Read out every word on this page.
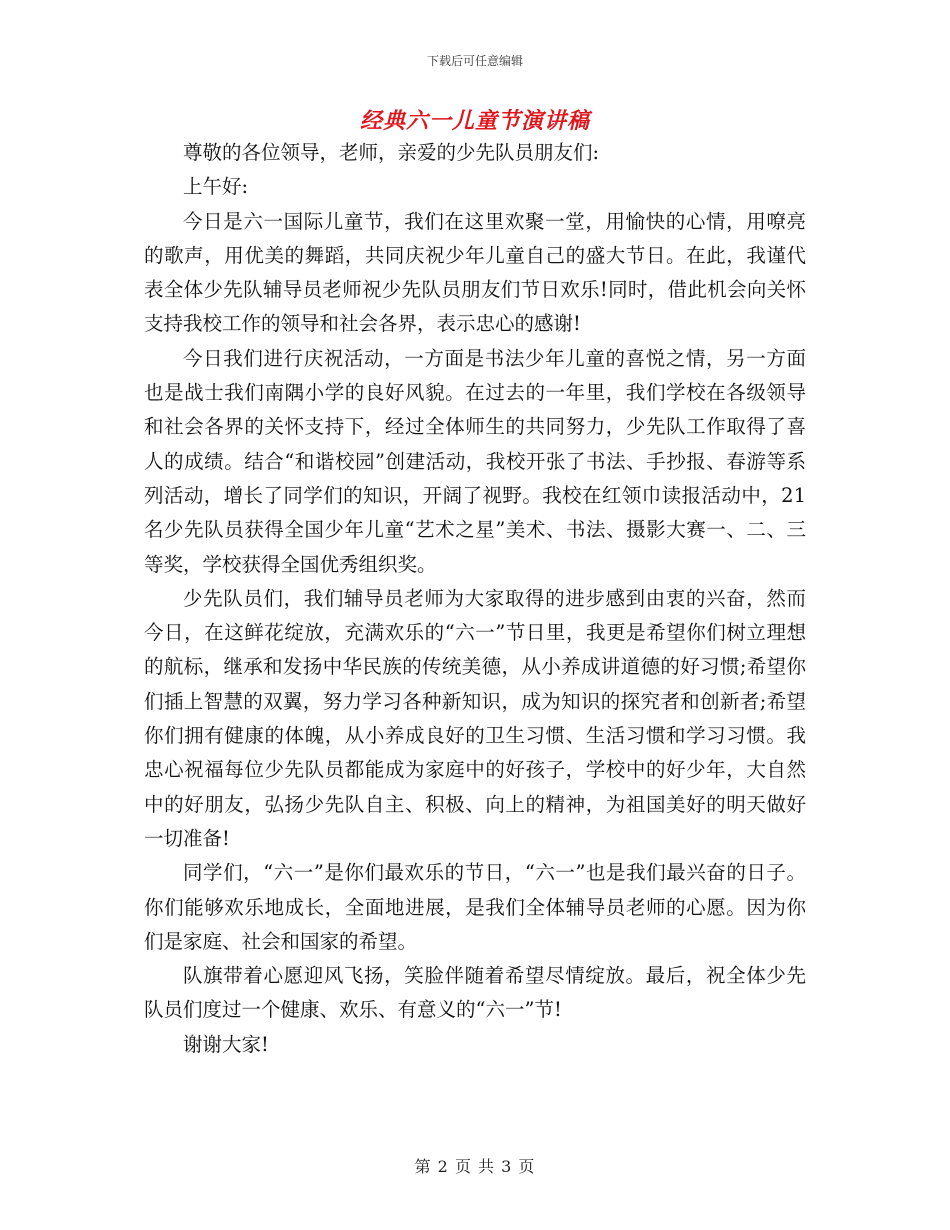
下载后可任意编辑
经典六一儿童节演讲稿

尊敬的各位领导，老师，亲爱的少先队员朋友们:

上午好:

今日是六一国际儿童节，我们在这里欢聚一堂，用愉快的心情，用嘹亮的歌声，用优美的舞蹈，共同庆祝少年儿童自己的盛大节日。在此，我谨代表全体少先队辅导员老师祝少先队员朋友们节日欢乐!同时，借此机会向关怀支持我校工作的领导和社会各界，表示忠心的感谢!

今日我们进行庆祝活动，一方面是书法少年儿童的喜悦之情，另一方面也是战士我们南隅小学的良好风貌。在过去的一年里，我们学校在各级领导和社会各界的关怀支持下，经过全体师生的共同努力，少先队工作取得了喜人的成绩。结合“和谐校园”创建活动，我校开张了书法、手抄报、春游等系列活动，增长了同学们的知识，开阔了视野。我校在红领巾读报活动中，21名少先队员获得全国少年儿童“艺术之星”美术、书法、摄影大赛一、二、三等奖，学校获得全国优秀组织奖。

少先队员们，我们辅导员老师为大家取得的进步感到由衷的兴奋，然而今日，在这鲜花绽放，充满欢乐的“六一”节日里，我更是希望你们树立理想的航标，继承和发扬中华民族的传统美德，从小养成讲道德的好习惯;希望你们插上智慧的双翼，努力学习各种新知识，成为知识的探究者和创新者;希望你们拥有健康的体魄，从小养成良好的卫生习惯、生活习惯和学习习惯。我忠心祝福每位少先队员都能成为家庭中的好孩子，学校中的好少年，大自然中的好朋友，弘扬少先队自主、积极、向上的精神，为祖国美好的明天做好一切准备!

同学们，“六一”是你们最欢乐的节日，“六一”也是我们最兴奋的日子。你们能够欢乐地成长，全面地进展，是我们全体辅导员老师的心愿。因为你们是家庭、社会和国家的希望。

队旗带着心愿迎风飞扬，笑脸伴随着希望尽情绽放。最后，祝全体少先队员们度过一个健康、欢乐、有意义的“六一”节!

谢谢大家!

第 2 页 共 3 页
